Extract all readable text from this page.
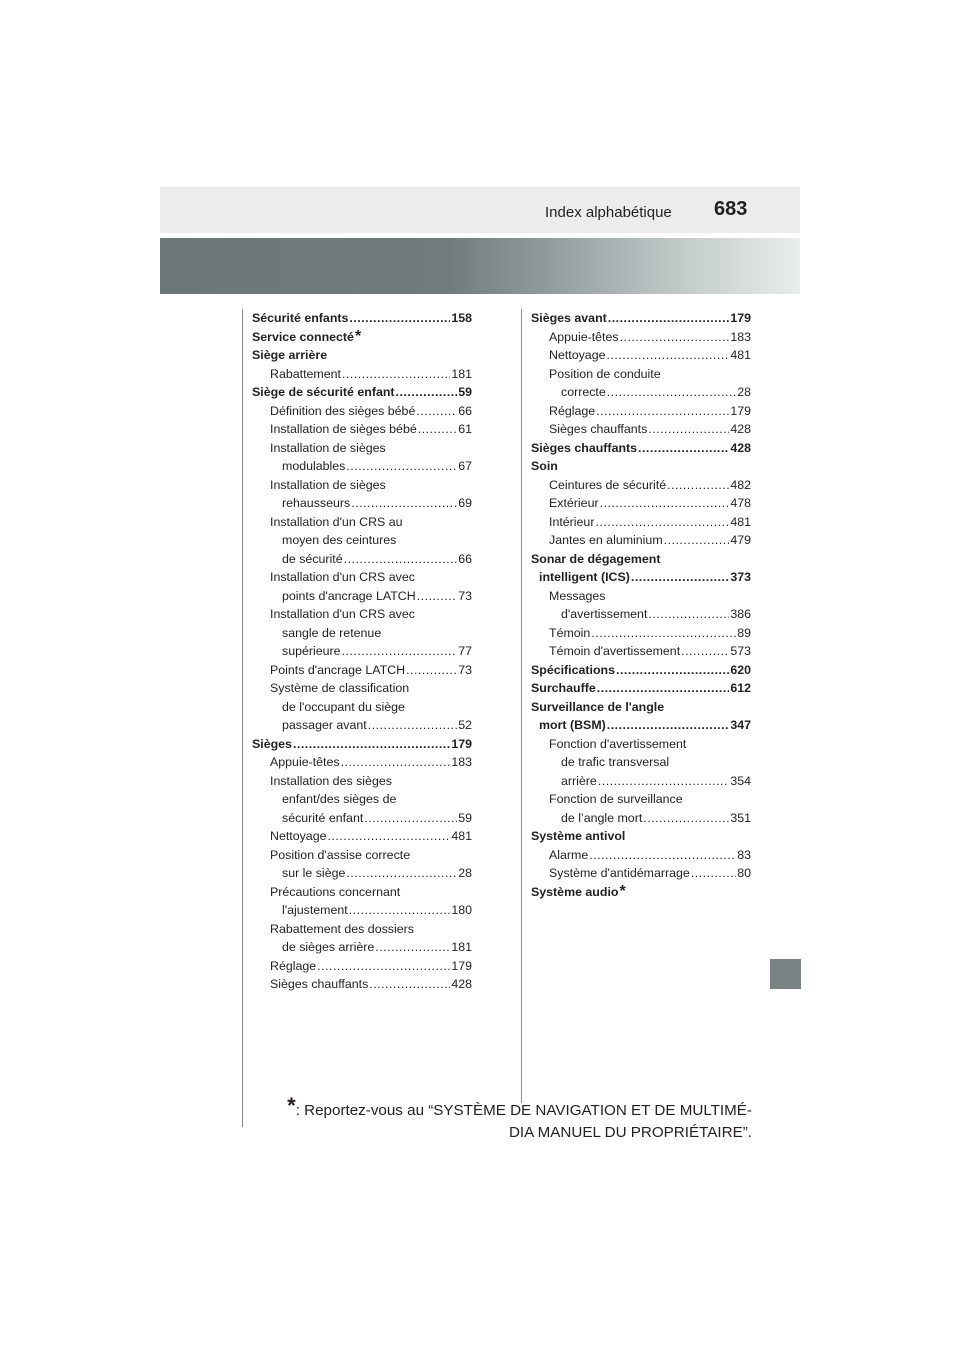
Index alphabétique 683
Sécurité enfants .....	158
Service connecté *
Siège arrière
Rabattement .....	181
Siège de sécurité enfant .....	59
Définition des sièges bébé .....	66
Installation de sièges bébé .....	61
Installation de sièges
modulables .....	67
Installation de sièges
rehausseurs .....	69
Installation d'un CRS au
moyen des ceintures
de sécurité .....	66
Installation d'un CRS avec
points d'ancrage LATCH .....	73
Installation d'un CRS avec
sangle de retenue
supérieure .....	77
Points d'ancrage LATCH .....	73
Système de classification
de l'occupant du siège
passager avant .....	52
Sièges .....	179
Appuie-têtes .....	183
Installation des sièges
enfant/des sièges de
sécurité enfant .....	59
Nettoyage .....	481
Position d'assise correcte
sur le siège .....	28
Précautions concernant
l'ajustement .....	180
Rabattement des dossiers
de sièges arrière .....	181
Réglage .....	179
Sièges chauffants .....	428
Sièges avant .....	179
Appuie-têtes .....	183
Nettoyage .....	481
Position de conduite
correcte .....	28
Réglage .....	179
Sièges chauffants .....	428
Sièges chauffants .....	428
Soin
Ceintures de sécurité .....	482
Extérieur .....	478
Intérieur .....	481
Jantes en aluminium .....	479
Sonar de dégagement
intelligent (ICS) .....	373
Messages
d'avertissement .....	386
Témoin .....	89
Témoin d'avertissement .....	573
Spécifications .....	620
Surchauffe .....	612
Surveillance de l'angle
mort (BSM) .....	347
Fonction d'avertissement
de trafic transversal
arrière .....	354
Fonction de surveillance
de l’angle mort .....	351
Système antivol
Alarme .....	83
Système d'antidémarrage .....	80
Système audio *
*: Reportez-vous au “SYSTÈME DE NAVIGATION ET DE MULTIMÉ-
DIA MANUEL DU PROPRIÉTAIRE”.
